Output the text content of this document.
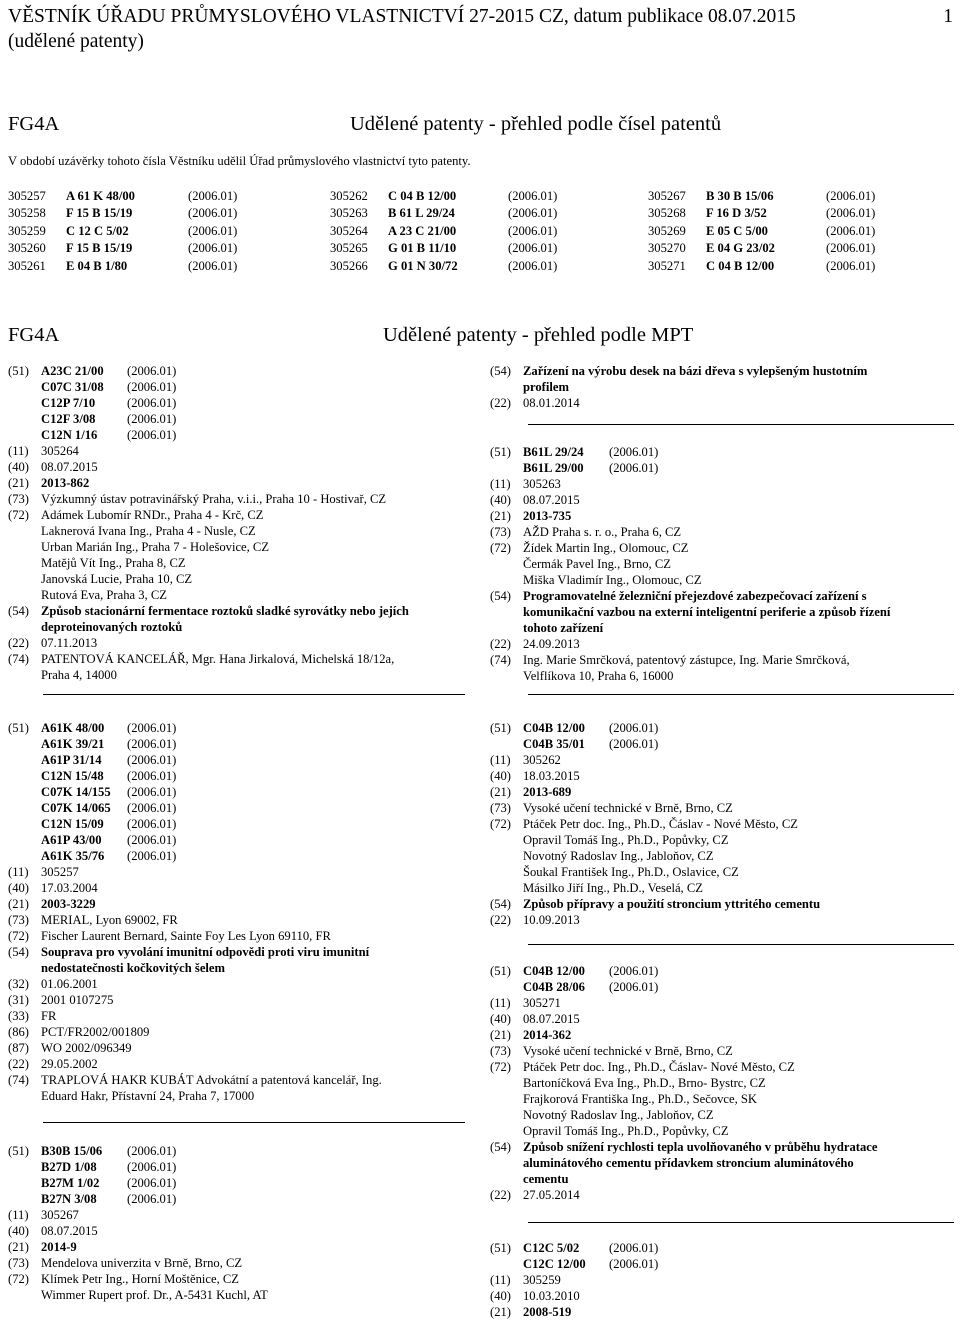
VĚSTNÍK ÚŘADU PRŮMYSLOVÉHO VLASTNICTVÍ 27-2015 CZ, datum publikace 08.07.2015
(udělené patenty)
1
FG4A	Udělené patenty - přehled podle čísel patentů
V období uzávěrky tohoto čísla Věstníku udělil Úřad průmyslového vlastnictví tyto patenty.
305257	A 61 K 48/00	(2006.01)	305262	C 04 B 12/00	(2006.01)	305267	B 30 B 15/06	(2006.01)
305258	F 15 B 15/19	(2006.01)	305263	B 61 L 29/24	(2006.01)	305268	F 16 D 3/52	(2006.01)
305259	C 12 C 5/02	(2006.01)	305264	A 23 C 21/00	(2006.01)	305269	E 05 C 5/00	(2006.01)
305260	F 15 B 15/19	(2006.01)	305265	G 01 B 11/10	(2006.01)	305270	E 04 G 23/02	(2006.01)
305261	E 04 B 1/80	(2006.01)	305266	G 01 N 30/72	(2006.01)	305271	C 04 B 12/00	(2006.01)
FG4A	Udělené patenty - přehled podle MPT
(51) A23C 21/00 (2006.01)
C07C 31/08 (2006.01)
C12P 7/10	(2006.01)
C12F 3/08	(2006.01)
C12N 1/16 (2006.01)
(11) 305264
(40) 08.07.2015
(21) 2013-862
(73) Výzkumný ústav potravinářský Praha, v.i.i., Praha 10 - Hostivař, CZ
(72) Adámek Lubomír RNDr., Praha 4 - Krč, CZ
Laknerová Ivana Ing., Praha 4 - Nusle, CZ
Urban Marián Ing., Praha 7 - Holešovice, CZ
Matějů Vít Ing., Praha 8, CZ
Janovská Lucie, Praha 10, CZ
Rutová Eva, Praha 3, CZ
(54) Způsob stacionární fermentace roztoků sladké syrovátky nebo jejích
deproteinovaných roztoků
(22) 07.11.2013
(74) PATENTOVÁ KANCELÁŘ, Mgr. Hana Jirkalová, Michelská 18/12a,
Praha 4, 14000
(51) A61K 48/00 (2006.01)
A61K 39/21 (2006.01)
A61P 31/14 (2006.01)
C12N 15/48 (2006.01)
C07K 14/155 (2006.01)
C07K 14/065 (2006.01)
C12N 15/09 (2006.01)
A61P 43/00 (2006.01)
A61K 35/76 (2006.01)
(11) 305257
(40) 17.03.2004
(21) 2003-3229
(73) MERIAL, Lyon 69002, FR
(72) Fischer Laurent Bernard, Sainte Foy Les Lyon 69110, FR
(54) Souprava pro vyvolání imunitní odpovědi proti viru imunitní
nedostatečnosti kočkovitých šelem
(32) 01.06.2001
(31) 2001 0107275
(33) FR
(86) PCT/FR2002/001809
(87) WO 2002/096349
(22) 29.05.2002
(74) TRAPLOVÁ HAKR KUBÁT Advokátní a patentová kancelář, Ing.
Eduard Hakr, Přístavní 24, Praha 7, 17000
(51) B30B 15/06 (2006.01)
B27D 1/08 (2006.01)
B27M 1/02 (2006.01)
B27N 3/08 (2006.01)
(11) 305267
(40) 08.07.2015
(21) 2014-9
(73) Mendelova univerzita v Brně, Brno, CZ
(72) Klímek Petr Ing., Horní Moštěnice, CZ
Wimmer Rupert prof. Dr., A-5431 Kuchl, AT
(54) Zařízení na výrobu desek na bázi dřeva s vylepšeným hustotním
profilem
(22) 08.01.2014
(51) B61L 29/24 (2006.01)
B61L 29/00 (2006.01)
(11) 305263
(40) 08.07.2015
(21) 2013-735
(73) AŽD Praha s. r. o., Praha 6, CZ
(72) Žídek Martin Ing., Olomouc, CZ
Čermák Pavel Ing., Brno, CZ
Miška Vladimír Ing., Olomouc, CZ
(54) Programovatelné železniční přejezdové zabezpečovací zařízení s
komunikační vazbou na externí inteligentní periferie a způsob řízení
tohoto zařízení
(22) 24.09.2013
(74) Ing. Marie Smrčková, patentový zástupce, Ing. Marie Smrčková,
Velflíkova 10, Praha 6, 16000
(51) C04B 12/00 (2006.01)
C04B 35/01 (2006.01)
(11) 305262
(40) 18.03.2015
(21) 2013-689
(73) Vysoké učení technické v Brně, Brno, CZ
(72) Ptáček Petr doc. Ing., Ph.D., Čáslav - Nové Město, CZ
Opravil Tomáš Ing., Ph.D., Popůvky, CZ
Novotný Radoslav Ing., Jabloňov, CZ
Šoukal František Ing., Ph.D., Oslavice, CZ
Másilko Jiří Ing., Ph.D., Veselá, CZ
(54) Způsob přípravy a použití stroncium yttritého cementu
(22) 10.09.2013
(51) C04B 12/00 (2006.01)
C04B 28/06 (2006.01)
(11) 305271
(40) 08.07.2015
(21) 2014-362
(73) Vysoké učení technické v Brně, Brno, CZ
(72) Ptáček Petr doc. Ing., Ph.D., Čáslav- Nové Město, CZ
Bartoníčková Eva Ing., Ph.D., Brno- Bystrc, CZ
Frajkorová Františka Ing., Ph.D., Sečovce, SK
Novotný Radoslav Ing., Jabloňov, CZ
Opravil Tomáš Ing., Ph.D., Popůvky, CZ
(54) Způsob snížení rychlosti tepla uvolňovaného v průběhu hydratace
aluminátového cementu přídavkem stroncium aluminátového
cementu
(22) 27.05.2014
(51) C12C 5/02 (2006.01)
C12C 12/00 (2006.01)
(11) 305259
(40) 10.03.2010
(21) 2008-519
